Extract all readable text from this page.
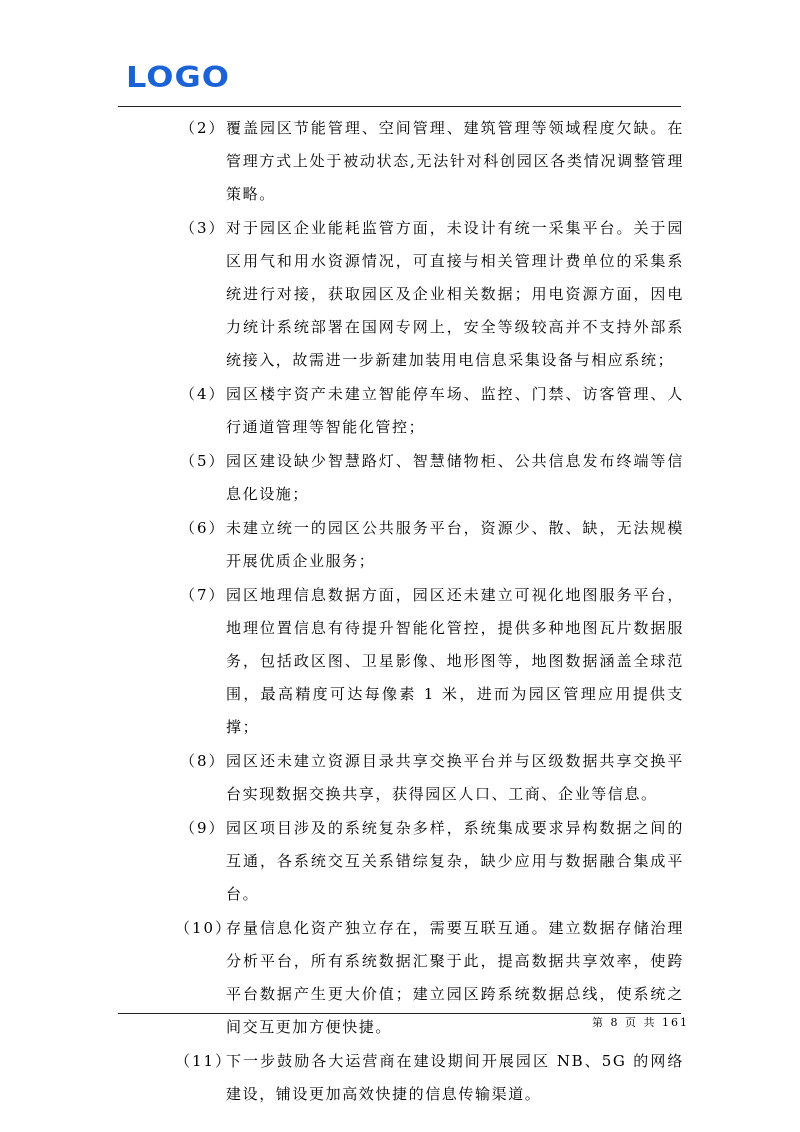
LOGO
（2） 覆盖园区节能管理、空间管理、建筑管理等领域程度欠缺。在管理方式上处于被动状态,无法针对科创园区各类情况调整管理策略。
（3） 对于园区企业能耗监管方面，未设计有统一采集平台。关于园区用气和用水资源情况，可直接与相关管理计费单位的采集系统进行对接，获取园区及企业相关数据；用电资源方面，因电力统计系统部署在国网专网上，安全等级较高并不支持外部系统接入，故需进一步新建加装用电信息采集设备与相应系统；
（4） 园区楼宇资产未建立智能停车场、监控、门禁、访客管理、人行通道管理等智能化管控；
（5） 园区建设缺少智慧路灯、智慧储物柜、公共信息发布终端等信息化设施；
（6） 未建立统一的园区公共服务平台，资源少、散、缺，无法规模开展优质企业服务；
（7） 园区地理信息数据方面，园区还未建立可视化地图服务平台，地理位置信息有待提升智能化管控，提供多种地图瓦片数据服务，包括政区图、卫星影像、地形图等，地图数据涵盖全球范围，最高精度可达每像素 1 米，进而为园区管理应用提供支撑；
（8） 园区还未建立资源目录共享交换平台并与区级数据共享交换平台实现数据交换共享，获得园区人口、工商、企业等信息。
（9） 园区项目涉及的系统复杂多样，系统集成要求异构数据之间的互通，各系统交互关系错综复杂，缺少应用与数据融合集成平台。
（10）
存量信息化资产独立存在，需要互联互通。建立数据存储治理分析平台，所有系统数据汇聚于此，提高数据共享效率，使跨平台数据产生更大价值；建立园区跨系统数据总线，使系统之间交互更加方便快捷。
（11）
下一步鼓励各大运营商在建设期间开展园区 NB、5G 的网络建设，铺设更加高效快捷的信息传输渠道。
第 8 页 共 161
